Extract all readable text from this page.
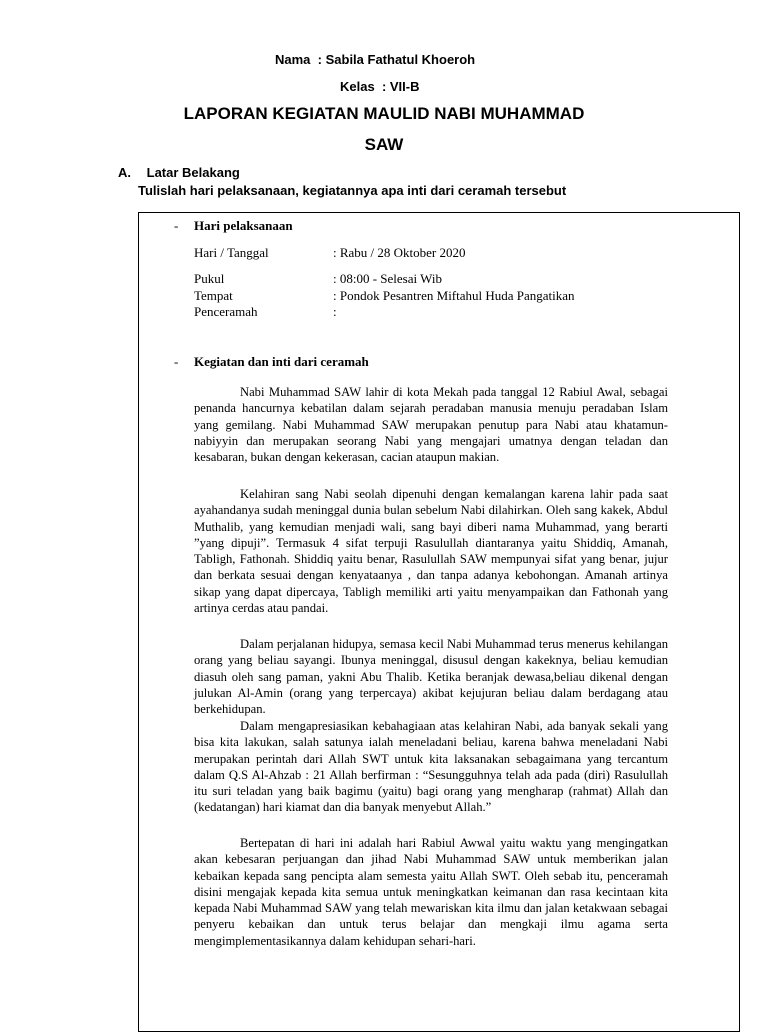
Nama : Sabila Fathatul Khoeroh
Kelas : VII-B
LAPORAN KEGIATAN MAULID NABI MUHAMMAD
SAW
A. Latar Belakang
Tulislah hari pelaksanaan, kegiatannya apa inti dari ceramah tersebut
- Hari pelaksanaan
Hari / Tanggal	: Rabu / 28 Oktober 2020
Pukul	: 08:00 - Selesai Wib
Tempat	: Pondok Pesantren Miftahul Huda Pangatikan
Penceramah	:
- Kegiatan dan inti dari ceramah

Nabi Muhammad SAW lahir di kota Mekah pada tanggal 12 Rabiul Awal, sebagai penanda hancurnya kebatilan dalam sejarah peradaban manusia menuju peradaban Islam yang gemilang. Nabi Muhammad SAW merupakan penutup para Nabi atau khatamun-nabiyyin dan merupakan seorang Nabi yang mengajari umatnya dengan teladan dan kesabaran, bukan dengan kekerasan, cacian ataupun makian.

Kelahiran sang Nabi seolah dipenuhi dengan kemalangan karena lahir pada saat ayahandanya sudah meninggal dunia bulan sebelum Nabi dilahirkan. Oleh sang kakek, Abdul Muthalib, yang kemudian menjadi wali, sang bayi diberi nama Muhammad, yang berarti ”yang dipuji”. Termasuk 4 sifat terpuji Rasulullah diantaranya yaitu Shiddiq, Amanah, Tabligh, Fathonah. Shiddiq yaitu benar, Rasulullah SAW mempunyai sifat yang benar, jujur dan berkata sesuai dengan kenyataanya , dan tanpa adanya kebohongan. Amanah artinya sikap yang dapat dipercaya, Tabligh memiliki arti yaitu menyampaikan dan Fathonah yang artinya cerdas atau pandai.

Dalam perjalanan hidupya, semasa kecil Nabi Muhammad terus menerus kehilangan orang yang beliau sayangi. Ibunya meninggal, disusul dengan kakeknya, beliau kemudian diasuh oleh sang paman, yakni Abu Thalib. Ketika beranjak dewasa,beliau dikenal dengan julukan Al-Amin (orang yang terpercaya) akibat kejujuran beliau dalam berdagang atau berkehidupan.

Dalam mengapresiasikan kebahagiaan atas kelahiran Nabi, ada banyak sekali yang bisa kita lakukan, salah satunya ialah meneladani beliau, karena bahwa meneladani Nabi merupakan perintah dari Allah SWT untuk kita laksanakan sebagaimana yang tercantum dalam Q.S Al-Ahzab : 21 Allah berfirman : “Sesungguhnya telah ada pada (diri) Rasulullah itu suri teladan yang baik bagimu (yaitu) bagi orang yang mengharap (rahmat) Allah dan (kedatangan) hari kiamat dan dia banyak menyebut Allah.”

Bertepatan di hari ini adalah hari Rabiul Awwal yaitu waktu yang mengingatkan akan kebesaran perjuangan dan jihad Nabi Muhammad SAW untuk memberikan jalan kebaikan kepada sang pencipta alam semesta yaitu Allah SWT. Oleh sebab itu, penceramah disini mengajak kepada kita semua untuk meningkatkan keimanan dan rasa kecintaan kita kepada Nabi Muhammad SAW yang telah mewariskan kita ilmu dan jalan ketakwaan sebagai penyeru kebaikan dan untuk terus belajar dan mengkaji ilmu agama serta mengimplementasikannya dalam kehidupan sehari-hari.
